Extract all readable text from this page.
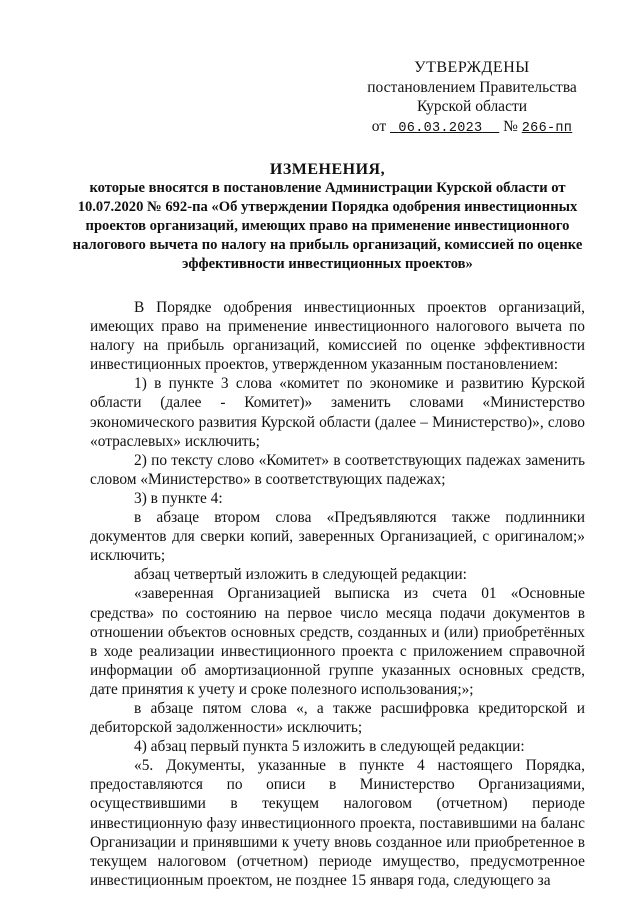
УТВЕРЖДЕНЫ
постановлением Правительства
Курской области
от 06.03.2023 № 266-пп
ИЗМЕНЕНИЯ,
которые вносятся в постановление Администрации Курской области от 10.07.2020 № 692-па «Об утверждении Порядка одобрения инвестиционных проектов организаций, имеющих право на применение инвестиционного налогового вычета по налогу на прибыль организаций, комиссией по оценке эффективности инвестиционных проектов»

В Порядке одобрения инвестиционных проектов организаций, имеющих право на применение инвестиционного налогового вычета по налогу на прибыль организаций, комиссией по оценке эффективности инвестиционных проектов, утвержденном указанным постановлением:

1) в пункте 3 слова «комитет по экономике и развитию Курской области (далее - Комитет)» заменить словами «Министерство экономического развития Курской области (далее – Министерство)», слово «отраслевых» исключить;

2) по тексту слово «Комитет» в соответствующих падежах заменить словом «Министерство» в соответствующих падежах;

3) в пункте 4:

в абзаце втором слова «Предъявляются также подлинники документов для сверки копий, заверенных Организацией, с оригиналом;» исключить;

абзац четвертый изложить в следующей редакции:

«заверенная Организацией выписка из счета 01 «Основные средства» по состоянию на первое число месяца подачи документов в отношении объектов основных средств, созданных и (или) приобретённых в ходе реализации инвестиционного проекта с приложением справочной информации об амортизационной группе указанных основных средств, дате принятия к учету и сроке полезного использования;»;

в абзаце пятом слова «, а также расшифровка кредиторской и дебиторской задолженности» исключить;

4) абзац первый пункта 5 изложить в следующей редакции:

«5. Документы, указанные в пункте 4 настоящего Порядка, предоставляются по описи в Министерство Организациями, осуществившими в текущем налоговом (отчетном) периоде инвестиционную фазу инвестиционного проекта, поставившими на баланс Организации и принявшими к учету вновь созданное или приобретенное в текущем налоговом (отчетном) периоде имущество, предусмотренное инвестиционным проектом, не позднее 15 января года, следующего за
